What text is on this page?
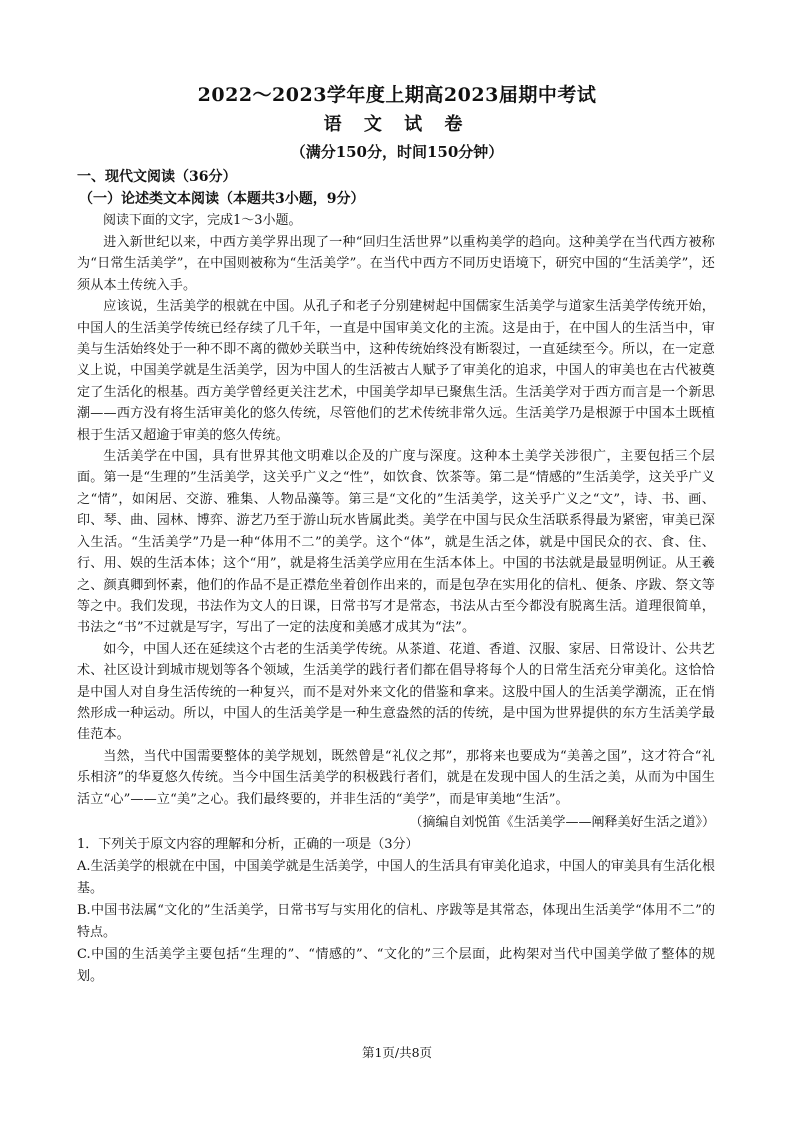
2022～2023学年度上期高2023届期中考试
语 文 试 卷
（满分150分，时间150分钟）

一、现代文阅读（36分）

（一）论述类文本阅读（本题共3小题，9分）

阅读下面的文字，完成1～3小题。

进入新世纪以来，中西方美学界出现了一种“回归生活世界”以重构美学的趋向。这种美学在当代西方被称为“日常生活美学”，在中国则被称为“生活美学”。在当代中西方不同历史语境下，研究中国的“生活美学”，还须从本土传统入手。

应该说，生活美学的根就在中国。从孔子和老子分别建树起中国儒家生活美学与道家生活美学传统开始，中国人的生活美学传统已经存续了几千年，一直是中国审美文化的主流。这是由于，在中国人的生活当中，审美与生活始终处于一种不即不离的微妙关联当中，这种传统始终没有断裂过，一直延续至今。所以，在一定意义上说，中国美学就是生活美学，因为中国人的生活被古人赋予了审美化的追求，中国人的审美也在古代被奠定了生活化的根基。西方美学曾经更关注艺术，中国美学却早已聚焦生活。生活美学对于西方而言是一个新思潮——西方没有将生活审美化的悠久传统，尽管他们的艺术传统非常久远。生活美学乃是根源于中国本土既植根于生活又超逾于审美的悠久传统。

生活美学在中国，具有世界其他文明难以企及的广度与深度。这种本土美学关涉很广，主要包括三个层面。第一是“生理的”生活美学，这关乎广义之“性”，如饮食、饮茶等。第二是“情感的”生活美学，这关乎广义之“情”，如闲居、交游、雅集、人物品藻等。第三是“文化的”生活美学，这关乎广义之“文”，诗、书、画、印、琴、曲、园林、博弈、游艺乃至于游山玩水皆属此类。美学在中国与民众生活联系得最为紧密，审美已深入生活。“生活美学”乃是一种“体用不二”的美学。这个“体”，就是生活之体，就是中国民众的衣、食、住、行、用、娱的生活本体；这个“用”，就是将生活美学应用在生活本体上。中国的书法就是最显明例证。从王羲之、颜真卿到怀素，他们的作品不是正襟危坐着创作出来的，而是包孕在实用化的信札、便条、序跋、祭文等等之中。我们发现，书法作为文人的日课，日常书写才是常态，书法从古至今都没有脱离生活。道理很简单，书法之“书”不过就是写字，写出了一定的法度和美感才成其为“法”。

如今，中国人还在延续这个古老的生活美学传统。从茶道、花道、香道、汉服、家居、日常设计、公共艺术、社区设计到城市规划等各个领域，生活美学的践行者们都在倡导将每个人的日常生活充分审美化。这恰恰是中国人对自身生活传统的一种复兴，而不是对外来文化的借鉴和拿来。这股中国人的生活美学潮流，正在悄然形成一种运动。所以，中国人的生活美学是一种生意盎然的活的传统，是中国为世界提供的东方生活美学最佳范本。

当然，当代中国需要整体的美学规划，既然曾是“礼仪之邦”，那将来也要成为“美善之国”，这才符合“礼乐相济”的华夏悠久传统。当今中国生活美学的积极践行者们，就是在发现中国人的生活之美，从而为中国生活立“心”——立“美”之心。我们最终要的，并非生活的“美学”，而是审美地“生活”。

（摘编自刘悦笛《生活美学——阐释美好生活之道》）

1．下列关于原文内容的理解和分析，正确的一项是（3分）

A.生活美学的根就在中国，中国美学就是生活美学，中国人的生活具有审美化追求，中国人的审美具有生活化根基。

B.中国书法属“文化的”生活美学，日常书写与实用化的信札、序跋等是其常态，体现出生活美学“体用不二”的特点。

C.中国的生活美学主要包括“生理的”、“情感的”、“文化的”三个层面，此构架对当代中国美学做了整体的规划。

第1页/共8页
